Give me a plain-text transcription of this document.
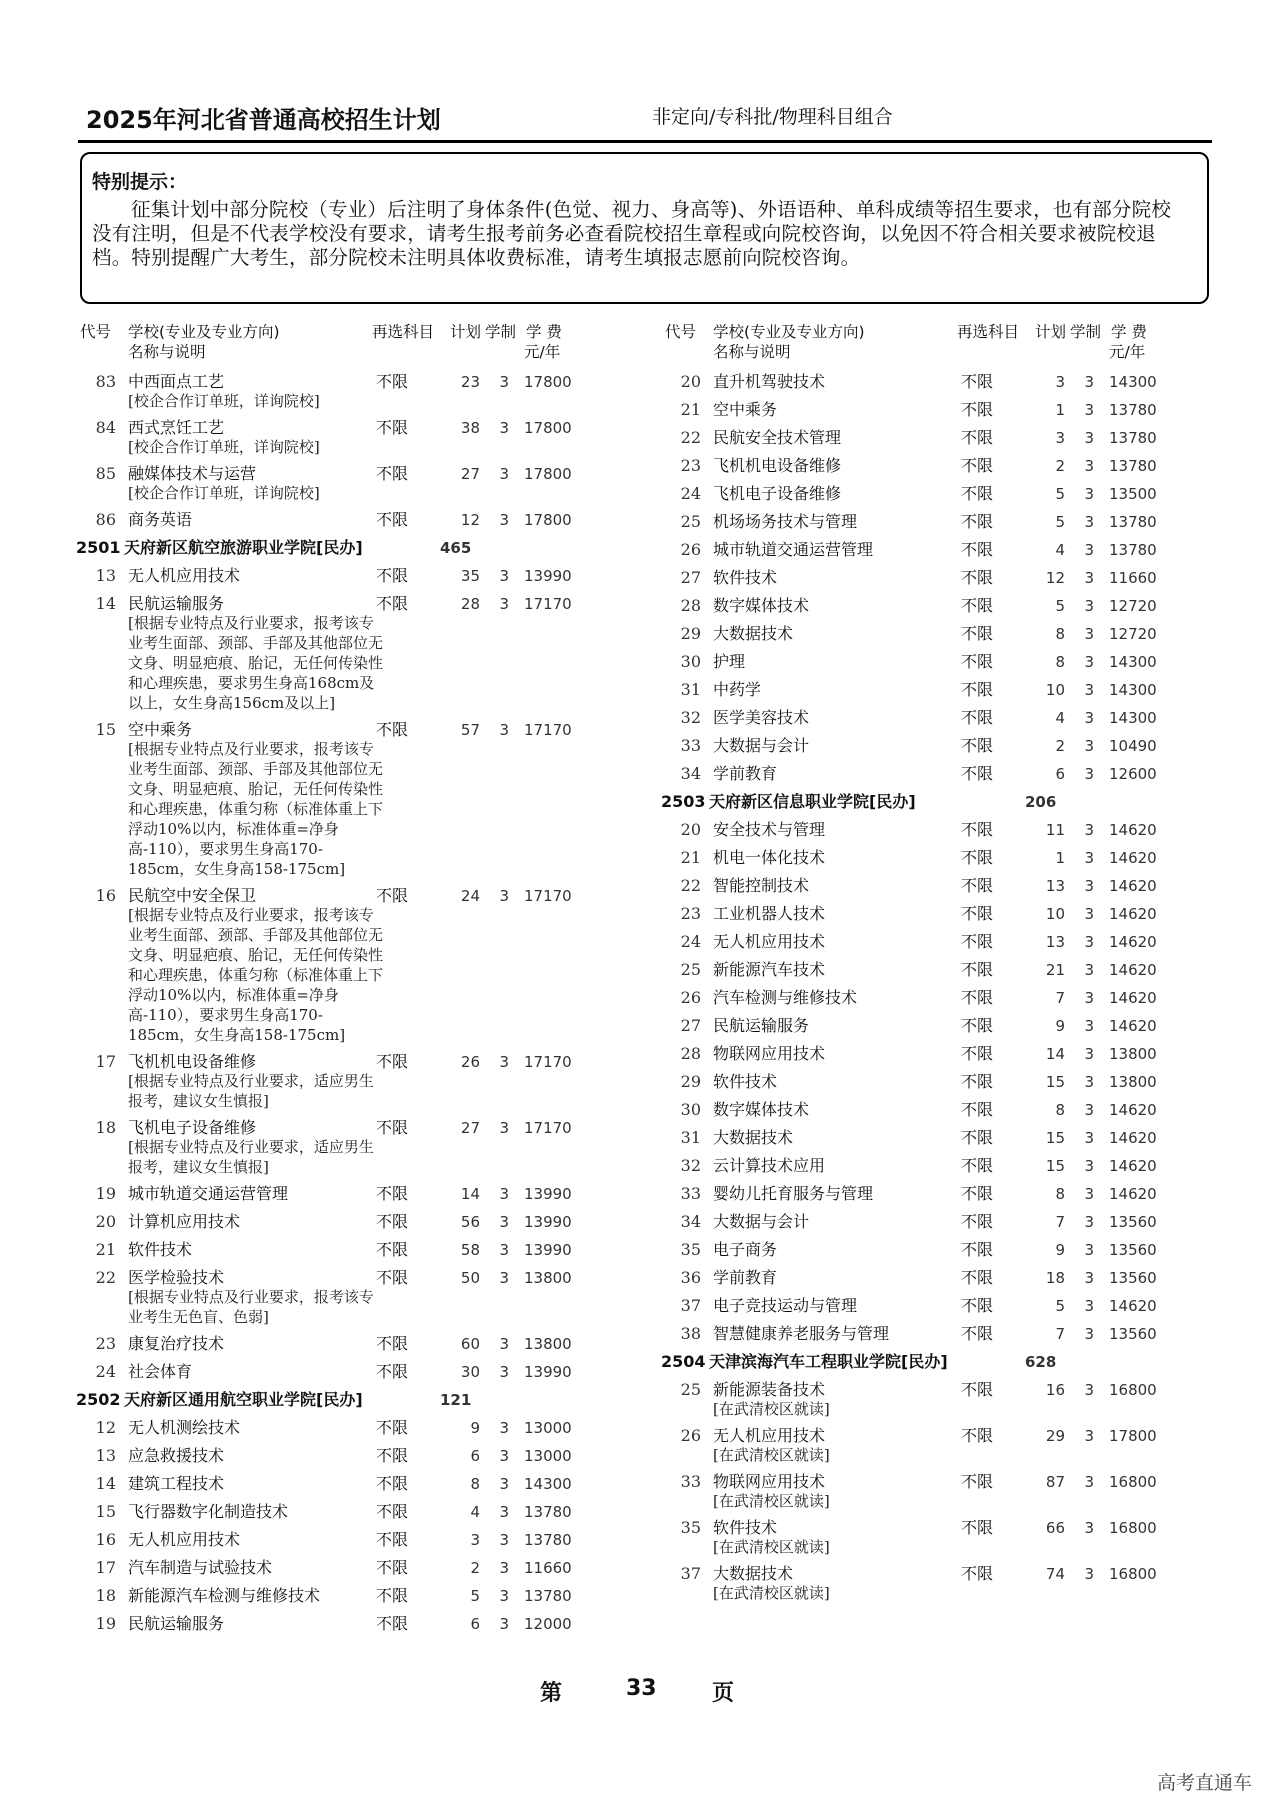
2025年河北省普通高校招生计划	非定向/专科批/物理科目组合
特别提示：
征集计划中部分院校（专业）后注明了身体条件(色觉、视力、身高等)、外语语种、单科成绩等招生要求，也有部分院校没有注明，但是不代表学校没有要求，请考生报考前务必查看院校招生章程或向院校咨询，以免因不符合相关要求被院校退档。特别提醒广大考生，部分院校未注明具体收费标准，请考生填报志愿前向院校咨询。
代号 学校(专业及专业方向)
名称与说明
再选科目 计划 学制 学 费
元/年
83 中西面点工艺	不限	23	3 17800
[校企合作订单班，详询院校]
84 西式烹饪工艺	不限	38	3 17800
[校企合作订单班，详询院校]
85 融媒体技术与运营	不限	27	3 17800
[校企合作订单班，详询院校]
86 商务英语	不限	12	3 17800
2501 天府新区航空旅游职业学院[民办]	465
13 无人机应用技术	不限	35	3 13990
14 民航运输服务	不限	28	3 17170
[根据专业特点及行业要求，报考该专业考生面部、颈部、手部及其他部位无文身、明显疤痕、胎记，无任何传染性和心理疾患，要求男生身高168cm及以上，女生身高156cm及以上]
15 空中乘务	不限	57	3 17170
[根据专业特点及行业要求，报考该专业考生面部、颈部、手部及其他部位无文身、明显疤痕、胎记，无任何传染性和心理疾患，体重匀称（标准体重上下浮动10%以内，标准体重=净身高-110），要求男生身高170-185cm，女生身高158-175cm]
16 民航空中安全保卫	不限	24	3 17170
[根据专业特点及行业要求，报考该专业考生面部、颈部、手部及其他部位无文身、明显疤痕、胎记，无任何传染性和心理疾患，体重匀称（标准体重上下浮动10%以内，标准体重=净身高-110），要求男生身高170-185cm，女生身高158-175cm]
17 飞机机电设备维修	不限	26	3 17170
[根据专业特点及行业要求，适应男生报考，建议女生慎报]
18 飞机电子设备维修	不限	27	3 17170
[根据专业特点及行业要求，适应男生报考，建议女生慎报]
19 城市轨道交通运营管理	不限	14	3 13990
20 计算机应用技术	不限	56	3 13990
21 软件技术	不限	58	3 13990
22 医学检验技术	不限	50	3 13800
[根据专业特点及行业要求，报考该专业考生无色盲、色弱]
23 康复治疗技术	不限	60	3 13800
24 社会体育	不限	30	3 13990
2502 天府新区通用航空职业学院[民办]	121
12 无人机测绘技术	不限	9	3 13000
13 应急救援技术	不限	6	3 13000
14 建筑工程技术	不限	8	3 14300
15 飞行器数字化制造技术	不限	4	3 13780
16 无人机应用技术	不限	3	3 13780
17 汽车制造与试验技术	不限	2	3 11660
18 新能源汽车检测与维修技术	不限	5	3 13780
19 民航运输服务	不限	6	3 12000
代号 学校(专业及专业方向)
名称与说明
再选科目 计划 学制 学 费
元/年
20 直升机驾驶技术	不限	3	3 14300
21 空中乘务	不限	1	3 13780
22 民航安全技术管理	不限	3	3 13780
23 飞机机电设备维修	不限	2	3 13780
24 飞机电子设备维修	不限	5	3 13500
25 机场场务技术与管理	不限	5	3 13780
26 城市轨道交通运营管理	不限	4	3 13780
27 软件技术	不限	12	3 11660
28 数字媒体技术	不限	5	3 12720
29 大数据技术	不限	8	3 12720
30 护理	不限	8	3 14300
31 中药学	不限	10	3 14300
32 医学美容技术	不限	4	3 14300
33 大数据与会计	不限	2	3 10490
34 学前教育	不限	6	3 12600
2503 天府新区信息职业学院[民办]	206
20 安全技术与管理	不限	11	3 14620
21 机电一体化技术	不限	1	3 14620
22 智能控制技术	不限	13	3 14620
23 工业机器人技术	不限	10	3 14620
24 无人机应用技术	不限	13	3 14620
25 新能源汽车技术	不限	21	3 14620
26 汽车检测与维修技术	不限	7	3 14620
27 民航运输服务	不限	9	3 14620
28 物联网应用技术	不限	14	3 13800
29 软件技术	不限	15	3 13800
30 数字媒体技术	不限	8	3 14620
31 大数据技术	不限	15	3 14620
32 云计算技术应用	不限	15	3 14620
33 婴幼儿托育服务与管理	不限	8	3 14620
34 大数据与会计	不限	7	3 13560
35 电子商务	不限	9	3 13560
36 学前教育	不限	18	3 13560
37 电子竞技运动与管理	不限	5	3 14620
38 智慧健康养老服务与管理	不限	7	3 13560
2504 天津滨海汽车工程职业学院[民办]	628
25 新能源装备技术	不限	16	3 16800
[在武清校区就读]
26 无人机应用技术	不限	29	3 17800
[在武清校区就读]
33 物联网应用技术	不限	87	3 16800
[在武清校区就读]
35 软件技术	不限	66	3 16800
[在武清校区就读]
37 大数据技术	不限	74	3 16800
[在武清校区就读]
第	33	页
高考直通车
